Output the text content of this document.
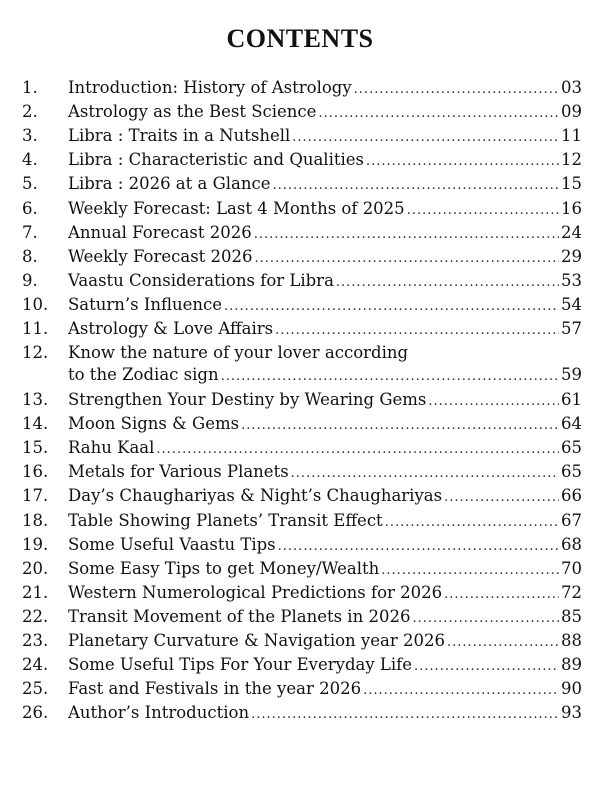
CONTENTS
1.	Introduction: History of Astrology .....	03
2.	Astrology as the Best Science .....	09
3.	Libra : Traits in a Nutshell .....	11
4.	Libra : Characteristic and Qualities .....	12
5.	Libra : 2026 at a Glance .....	15
6.	Weekly Forecast: Last 4 Months of 2025 .....	16
7.	Annual Forecast 2026 .....	24
8.	Weekly Forecast 2026 .....	29
9.	Vaastu Considerations for Libra .....	53
10.	Saturn’s Influence .....	54
11.	Astrology & Love Affairs .....	57
12.	Know the nature of your lover according
to the Zodiac sign .....	59
13.	Strengthen Your Destiny by Wearing Gems .....	61
14.	Moon Signs & Gems .....	64
15.	Rahu Kaal .....	65
16.	Metals for Various Planets .....	65
17.	Day’s Chaughariyas & Night’s Chaughariyas .....	66
18.	Table Showing Planets’ Transit Effect .....	67
19.	Some Useful Vaastu Tips .....	68
20.	Some Easy Tips to get Money/Wealth .....	70
21.	Western Numerological Predictions for 2026 .....	72
22.	Transit Movement of the Planets in 2026 .....	85
23.	Planetary Curvature & Navigation year 2026 .....	88
24.	Some Useful Tips For Your Everyday Life .....	89
25.	Fast and Festivals in the year 2026 .....	90
26.	Author’s Introduction .....	93
